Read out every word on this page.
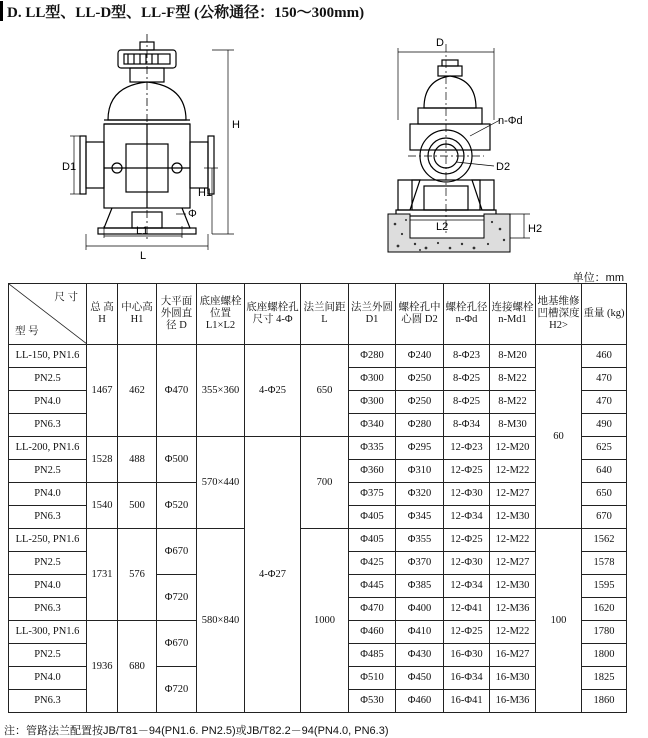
D. LL型、LL-D型、LL-F型 (公称通径：150～300mm)
H
H1
D1
Φ
L1
L
D
n-Φd
D2
L2	H2
单位：mm
尺 寸
型 号	总 高 H	中心高 H1	大平面外圆直径 D	底座螺栓位置 L1×L2	底座螺栓孔尺寸 4-Φ	法兰间距 L	法兰外圆 D1	螺栓孔中心圆 D2	螺栓孔径 n-Φd	连接螺栓 n-Md1	地基维修凹槽深度 H2>	重量 (kg)
LL-150, PN1.6	1467	462	Φ470	355×360	4-Φ25	650	Φ280	Φ240	8-Φ23	8-M20	60	460
PN2.5							Φ300	Φ250	8-Φ25	8-M22		470
PN4.0							Φ300	Φ250	8-Φ25	8-M22		470
PN6.3							Φ340	Φ280	8-Φ34	8-M30		490
LL-200, PN1.6	1528	488	Φ500	570×440	4-Φ27	700	Φ335	Φ295	12-Φ23	12-M20		625
PN2.5							Φ360	Φ310	12-Φ25	12-M22		640
PN4.0	1540	500	Φ520				Φ375	Φ320	12-Φ30	12-M27		650
PN6.3							Φ405	Φ345	12-Φ34	12-M30		670
LL-250, PN1.6	1731	576	Φ670	580×840		1000	Φ405	Φ355	12-Φ25	12-M22	100	1562
PN2.5							Φ425	Φ370	12-Φ30	12-M27		1578
PN4.0			Φ720				Φ445	Φ385	12-Φ34	12-M30		1595
PN6.3							Φ470	Φ400	12-Φ41	12-M36		1620
LL-300, PN1.6	1936	680	Φ670				Φ460	Φ410	12-Φ25	12-M22		1780
PN2.5							Φ485	Φ430	16-Φ30	16-M27		1800
PN4.0			Φ720				Φ510	Φ450	16-Φ34	16-M30		1825
PN6.3							Φ530	Φ460	16-Φ41	16-M36		1860
注：管路法兰配置按JB/T81－94(PN1.6. PN2.5)或JB/T82.2－94(PN4.0, PN6.3)
